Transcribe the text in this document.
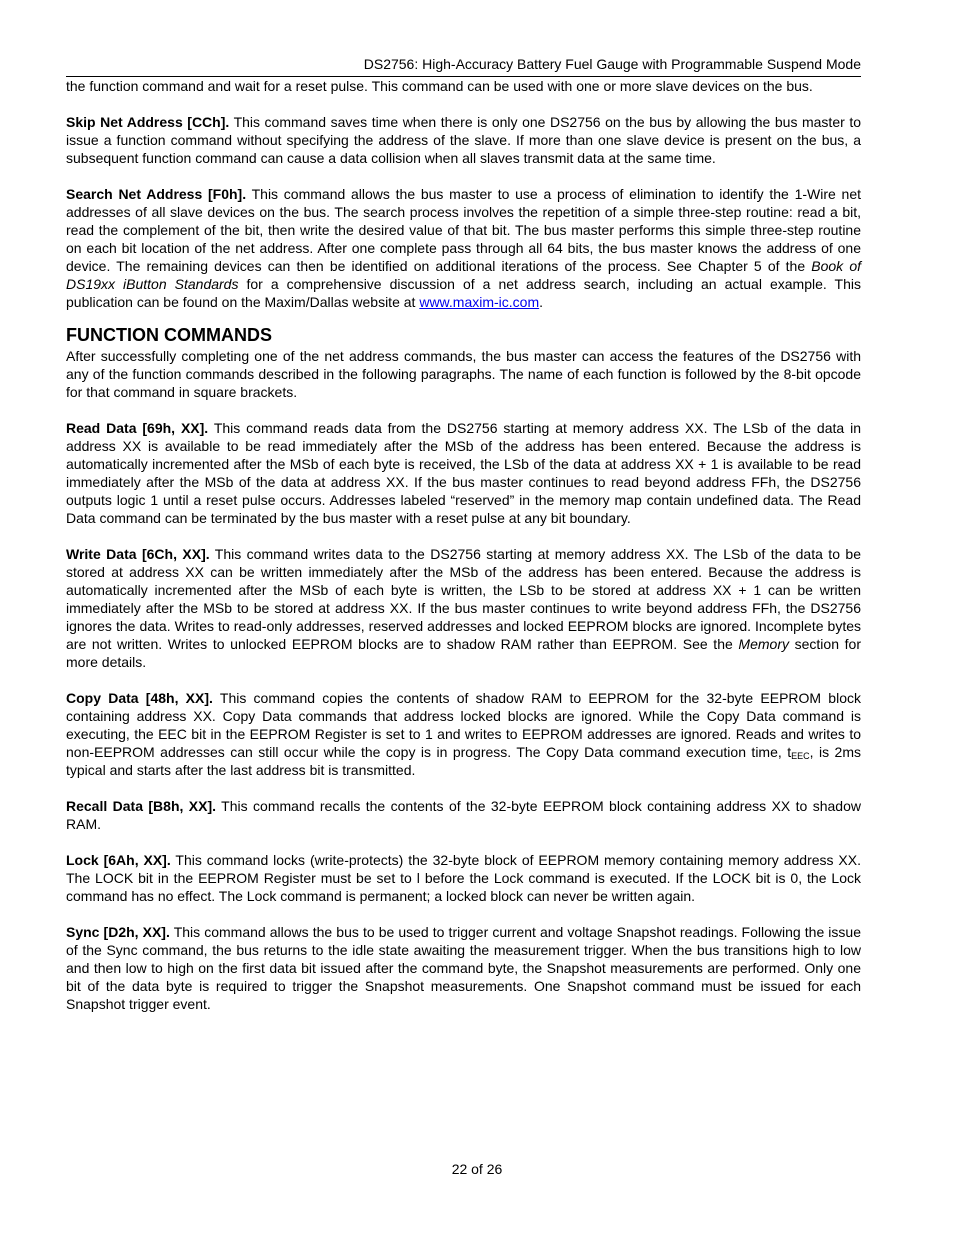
DS2756: High-Accuracy Battery Fuel Gauge with Programmable Suspend Mode

the function command and wait for a reset pulse. This command can be used with one or more slave devices on the bus.

Skip Net Address [CCh]. This command saves time when there is only one DS2756 on the bus by allowing the bus master to issue a function command without specifying the address of the slave. If more than one slave device is present on the bus, a subsequent function command can cause a data collision when all slaves transmit data at the same time.

Search Net Address [F0h]. This command allows the bus master to use a process of elimination to identify the 1-Wire net addresses of all slave devices on the bus. The search process involves the repetition of a simple three-step routine: read a bit, read the complement of the bit, then write the desired value of that bit. The bus master performs this simple three-step routine on each bit location of the net address. After one complete pass through all 64 bits, the bus master knows the address of one device. The remaining devices can then be identified on additional iterations of the process. See Chapter 5 of the Book of DS19xx iButton Standards for a comprehensive discussion of a net address search, including an actual example. This publication can be found on the Maxim/Dallas website at www.maxim-ic.com.

FUNCTION COMMANDS

After successfully completing one of the net address commands, the bus master can access the features of the DS2756 with any of the function commands described in the following paragraphs. The name of each function is followed by the 8-bit opcode for that command in square brackets.

Read Data [69h, XX]. This command reads data from the DS2756 starting at memory address XX. The LSb of the data in address XX is available to be read immediately after the MSb of the address has been entered. Because the address is automatically incremented after the MSb of each byte is received, the LSb of the data at address XX + 1 is available to be read immediately after the MSb of the data at address XX. If the bus master continues to read beyond address FFh, the DS2756 outputs logic 1 until a reset pulse occurs. Addresses labeled “reserved” in the memory map contain undefined data. The Read Data command can be terminated by the bus master with a reset pulse at any bit boundary.

Write Data [6Ch, XX]. This command writes data to the DS2756 starting at memory address XX. The LSb of the data to be stored at address XX can be written immediately after the MSb of the address has been entered. Because the address is automatically incremented after the MSb of each byte is written, the LSb to be stored at address XX + 1 can be written immediately after the MSb to be stored at address XX. If the bus master continues to write beyond address FFh, the DS2756 ignores the data. Writes to read-only addresses, reserved addresses and locked EEPROM blocks are ignored. Incomplete bytes are not written. Writes to unlocked EEPROM blocks are to shadow RAM rather than EEPROM. See the Memory section for more details.

Copy Data [48h, XX]. This command copies the contents of shadow RAM to EEPROM for the 32-byte EEPROM block containing address XX. Copy Data commands that address locked blocks are ignored. While the Copy Data command is executing, the EEC bit in the EEPROM Register is set to 1 and writes to EEPROM addresses are ignored. Reads and writes to non-EEPROM addresses can still occur while the copy is in progress. The Copy Data command execution time, $t_{EEC}$, is 2ms typical and starts after the last address bit is transmitted.

Recall Data [B8h, XX]. This command recalls the contents of the 32-byte EEPROM block containing address XX to shadow RAM.

Lock [6Ah, XX]. This command locks (write-protects) the 32-byte block of EEPROM memory containing memory address XX. The LOCK bit in the EEPROM Register must be set to l before the Lock command is executed. If the LOCK bit is 0, the Lock command has no effect. The Lock command is permanent; a locked block can never be written again.

Sync [D2h, XX]. This command allows the bus to be used to trigger current and voltage Snapshot readings. Following the issue of the Sync command, the bus returns to the idle state awaiting the measurement trigger. When the bus transitions high to low and then low to high on the first data bit issued after the command byte, the Snapshot measurements are performed. Only one bit of the data byte is required to trigger the Snapshot measurements. One Snapshot command must be issued for each Snapshot trigger event.

22 of 26
